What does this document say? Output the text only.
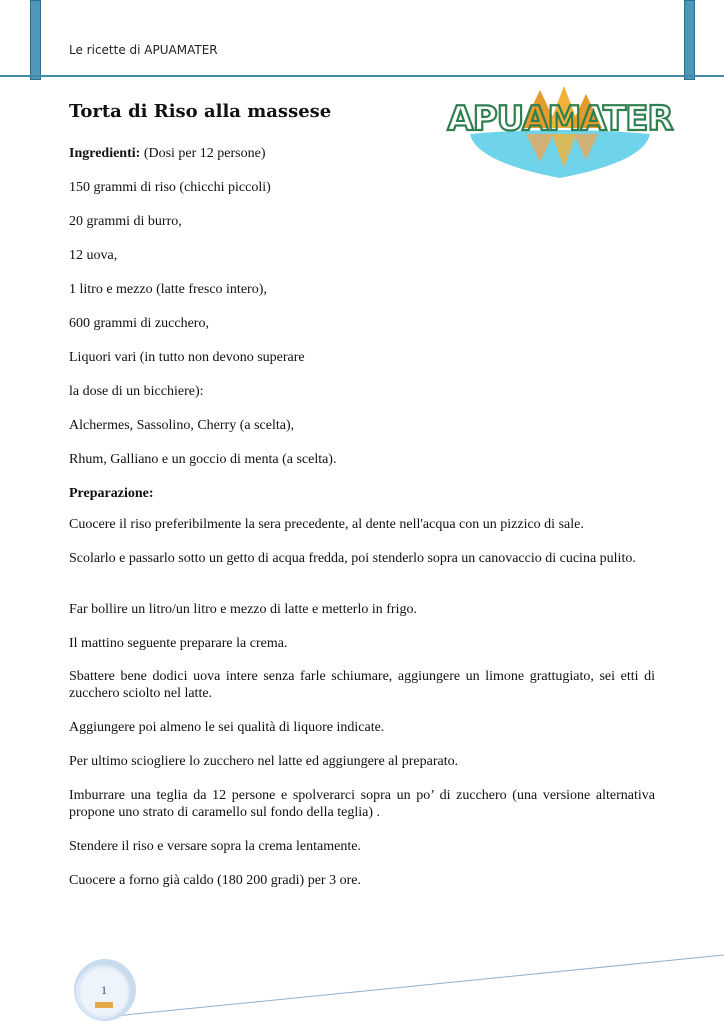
Le ricette di APUAMATER
APUAMATER
Torta di Riso alla massese

Ingredienti: (Dosi per 12 persone)

150 grammi di riso (chicchi piccoli)

20 grammi di burro,

12 uova,

1 litro e mezzo (latte fresco intero),

600 grammi di zucchero,

Liquori vari (in tutto non devono superare

la dose di un bicchiere):

Alchermes, Sassolino, Cherry (a scelta),

Rhum, Galliano e un goccio di menta (a scelta).

Preparazione:

Cuocere il riso preferibilmente la sera precedente, al dente nell'acqua con un pizzico di sale.

Scolarlo e passarlo sotto un getto di acqua fredda, poi stenderlo sopra un canovaccio di cucina pulito.

Far bollire un litro/un litro e mezzo di latte e metterlo in frigo.

Il mattino seguente preparare la crema.

Sbattere bene dodici uova intere senza farle schiumare, aggiungere un limone grattugiato, sei etti di zucchero sciolto nel latte.

Aggiungere poi almeno le sei qualità di liquore indicate.

Per ultimo sciogliere lo zucchero nel latte ed aggiungere al preparato.

Imburrare una teglia da 12 persone e spolverarci sopra un po’ di zucchero (una versione alternativa propone uno strato di caramello sul fondo della teglia) .

Stendere il riso e versare sopra la crema lentamente.

Cuocere a forno già caldo (180 200 gradi) per 3 ore.

1
